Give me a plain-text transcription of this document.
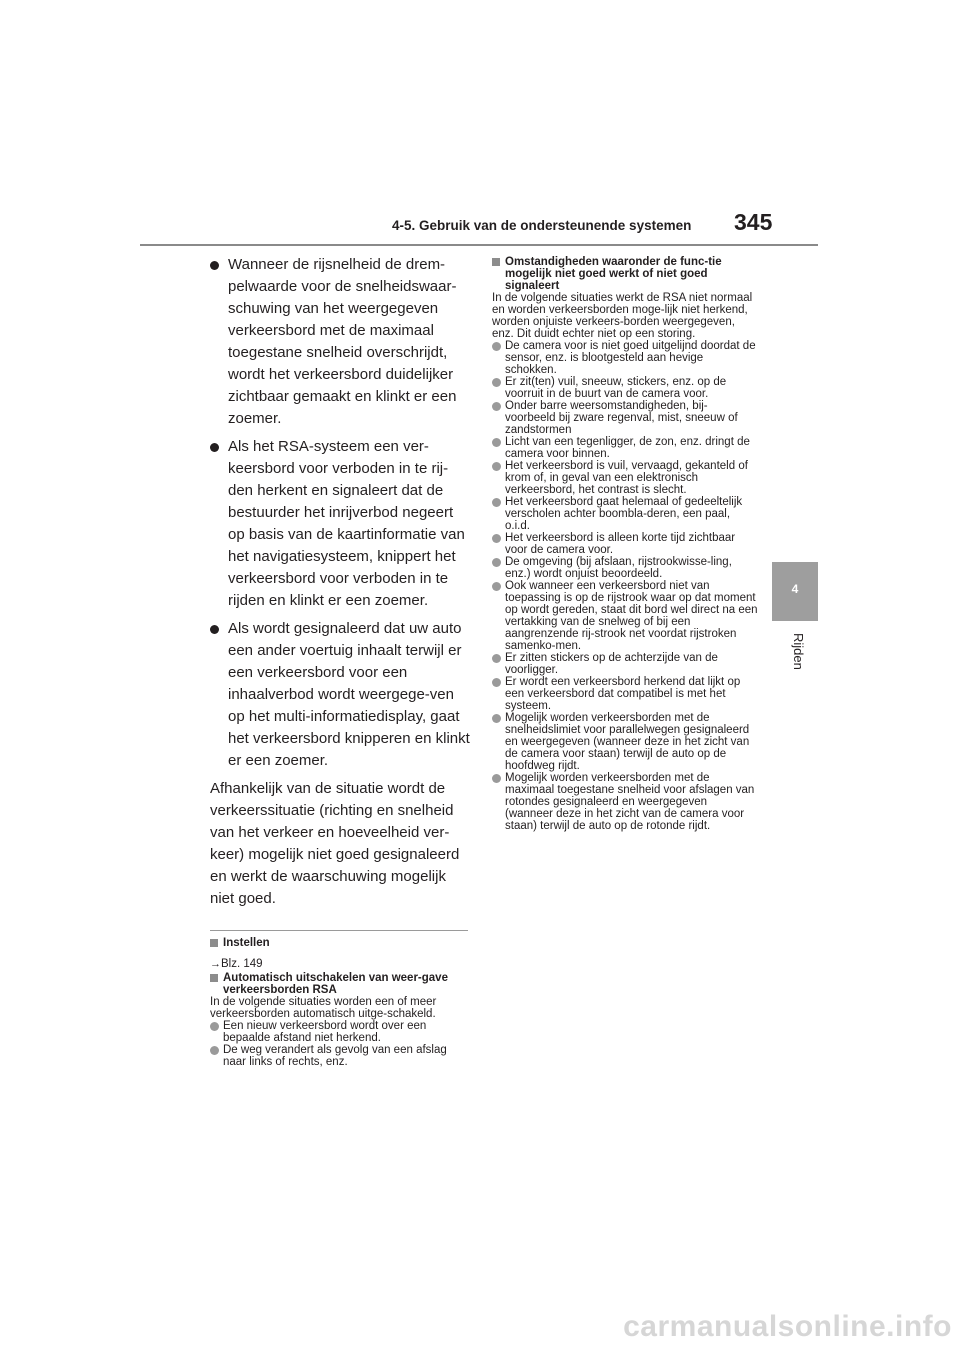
4-5. Gebruik van de ondersteunende systemen 345
4
Rijden
Wanneer de rijsnelheid de drem-pelwaarde voor de snelheidswaar-schuwing van het weergegeven verkeersbord met de maximaal toegestane snelheid overschrijdt, wordt het verkeersbord duidelijker zichtbaar gemaakt en klinkt er een zoemer.
Als het RSA-systeem een ver-keersbord voor verboden in te rij-den herkent en signaleert dat de bestuurder het inrijverbod negeert op basis van de kaartinformatie van het navigatiesysteem, knippert het verkeersbord voor verboden in te rijden en klinkt er een zoemer.
Als wordt gesignaleerd dat uw auto een ander voertuig inhaalt terwijl er een verkeersbord voor een inhaalverbod wordt weergege-ven op het multi-informatiedisplay, gaat het verkeersbord knipperen en klinkt er een zoemer.
Afhankelijk van de situatie wordt de verkeerssituatie (richting en snelheid van het verkeer en hoeveelheid ver-keer) mogelijk niet goed gesignaleerd en werkt de waarschuwing mogelijk niet goed.
Instellen
→Blz. 149
Automatisch uitschakelen van weer-gave verkeersborden RSA
In de volgende situaties worden een of meer verkeersborden automatisch uitge-schakeld.
Een nieuw verkeersbord wordt over een bepaalde afstand niet herkend.
De weg verandert als gevolg van een afslag naar links of rechts, enz.
Omstandigheden waaronder de func-tie mogelijk niet goed werkt of niet goed signaleert
In de volgende situaties werkt de RSA niet normaal en worden verkeersborden moge-lijk niet herkend, worden onjuiste verkeers-borden weergegeven, enz. Dit duidt echter niet op een storing.
De camera voor is niet goed uitgelijnd doordat de sensor, enz. is blootgesteld aan hevige schokken.
Er zit(ten) vuil, sneeuw, stickers, enz. op de voorruit in de buurt van de camera voor.
Onder barre weersomstandigheden, bij-voorbeeld bij zware regenval, mist, sneeuw of zandstormen
Licht van een tegenligger, de zon, enz. dringt de camera voor binnen.
Het verkeersbord is vuil, vervaagd, gekanteld of krom of, in geval van een elektronisch verkeersbord, het contrast is slecht.
Het verkeersbord gaat helemaal of gedeeltelijk verscholen achter boombla-deren, een paal, o.i.d.
Het verkeersbord is alleen korte tijd zichtbaar voor de camera voor.
De omgeving (bij afslaan, rijstrookwisse-ling, enz.) wordt onjuist beoordeeld.
Ook wanneer een verkeersbord niet van toepassing is op de rijstrook waar op dat moment op wordt gereden, staat dit bord wel direct na een vertakking van de snelweg of bij een aangrenzende rij-strook net voordat rijstroken samenko-men.
Er zitten stickers op de achterzijde van de voorligger.
Er wordt een verkeersbord herkend dat lijkt op een verkeersbord dat compatibel is met het systeem.
Mogelijk worden verkeersborden met de snelheidslimiet voor parallelwegen gesignaleerd en weergegeven (wanneer deze in het zicht van de camera voor staan) terwijl de auto op de hoofdweg rijdt.
Mogelijk worden verkeersborden met de maximaal toegestane snelheid voor afslagen van rotondes gesignaleerd en weergegeven (wanneer deze in het zicht van de camera voor staan) terwijl de auto op de rotonde rijdt.
carmanualsonline.info
